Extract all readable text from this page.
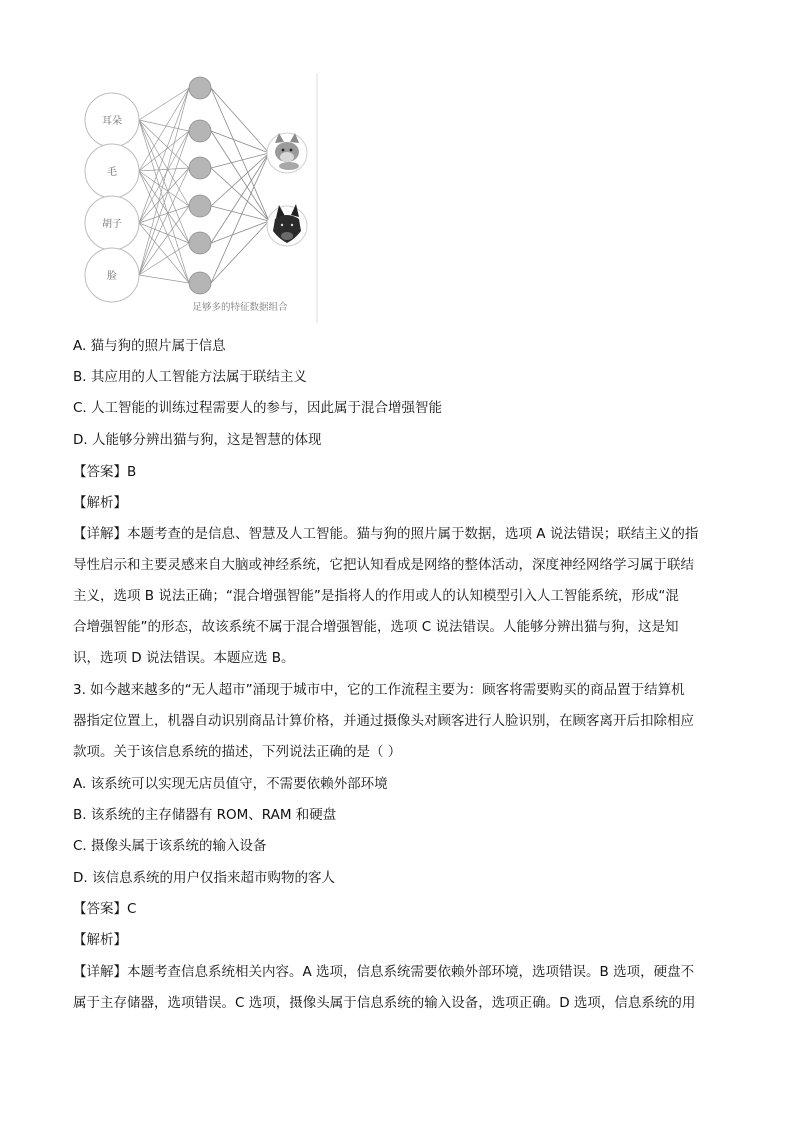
耳朵
毛
胡子
脸
足够多的特征数据组合
A. 猫与狗的照片属于信息
B. 其应用的人工智能方法属于联结主义
C. 人工智能的训练过程需要人的参与，因此属于混合增强智能
D. 人能够分辨出猫与狗，这是智慧的体现
【答案】B
【解析】
【详解】本题考查的是信息、智慧及人工智能。猫与狗的照片属于数据，选项 A 说法错误；联结主义的指
导性启示和主要灵感来自大脑或神经系统，它把认知看成是网络的整体活动，深度神经网络学习属于联结
主义，选项 B 说法正确；“混合增强智能”是指将人的作用或人的认知模型引入人工智能系统，形成“混
合增强智能”的形态，故该系统不属于混合增强智能，选项 C 说法错误。人能够分辨出猫与狗，这是知
识，选项 D 说法错误。本题应选 B。
3. 如今越来越多的“无人超市”涌现于城市中，它的工作流程主要为：顾客将需要购买的商品置于结算机
器指定位置上，机器自动识别商品计算价格，并通过摄像头对顾客进行人脸识别，在顾客离开后扣除相应
款项。关于该信息系统的描述，下列说法正确的是（ ）
A. 该系统可以实现无店员值守，不需要依赖外部环境
B. 该系统的主存储器有 ROM、RAM 和硬盘
C. 摄像头属于该系统的输入设备
D. 该信息系统的用户仅指来超市购物的客人
【答案】C
【解析】
【详解】本题考查信息系统相关内容。A 选项，信息系统需要依赖外部环境，选项错误。B 选项，硬盘不
属于主存储器，选项错误。C 选项，摄像头属于信息系统的输入设备，选项正确。D 选项，信息系统的用
